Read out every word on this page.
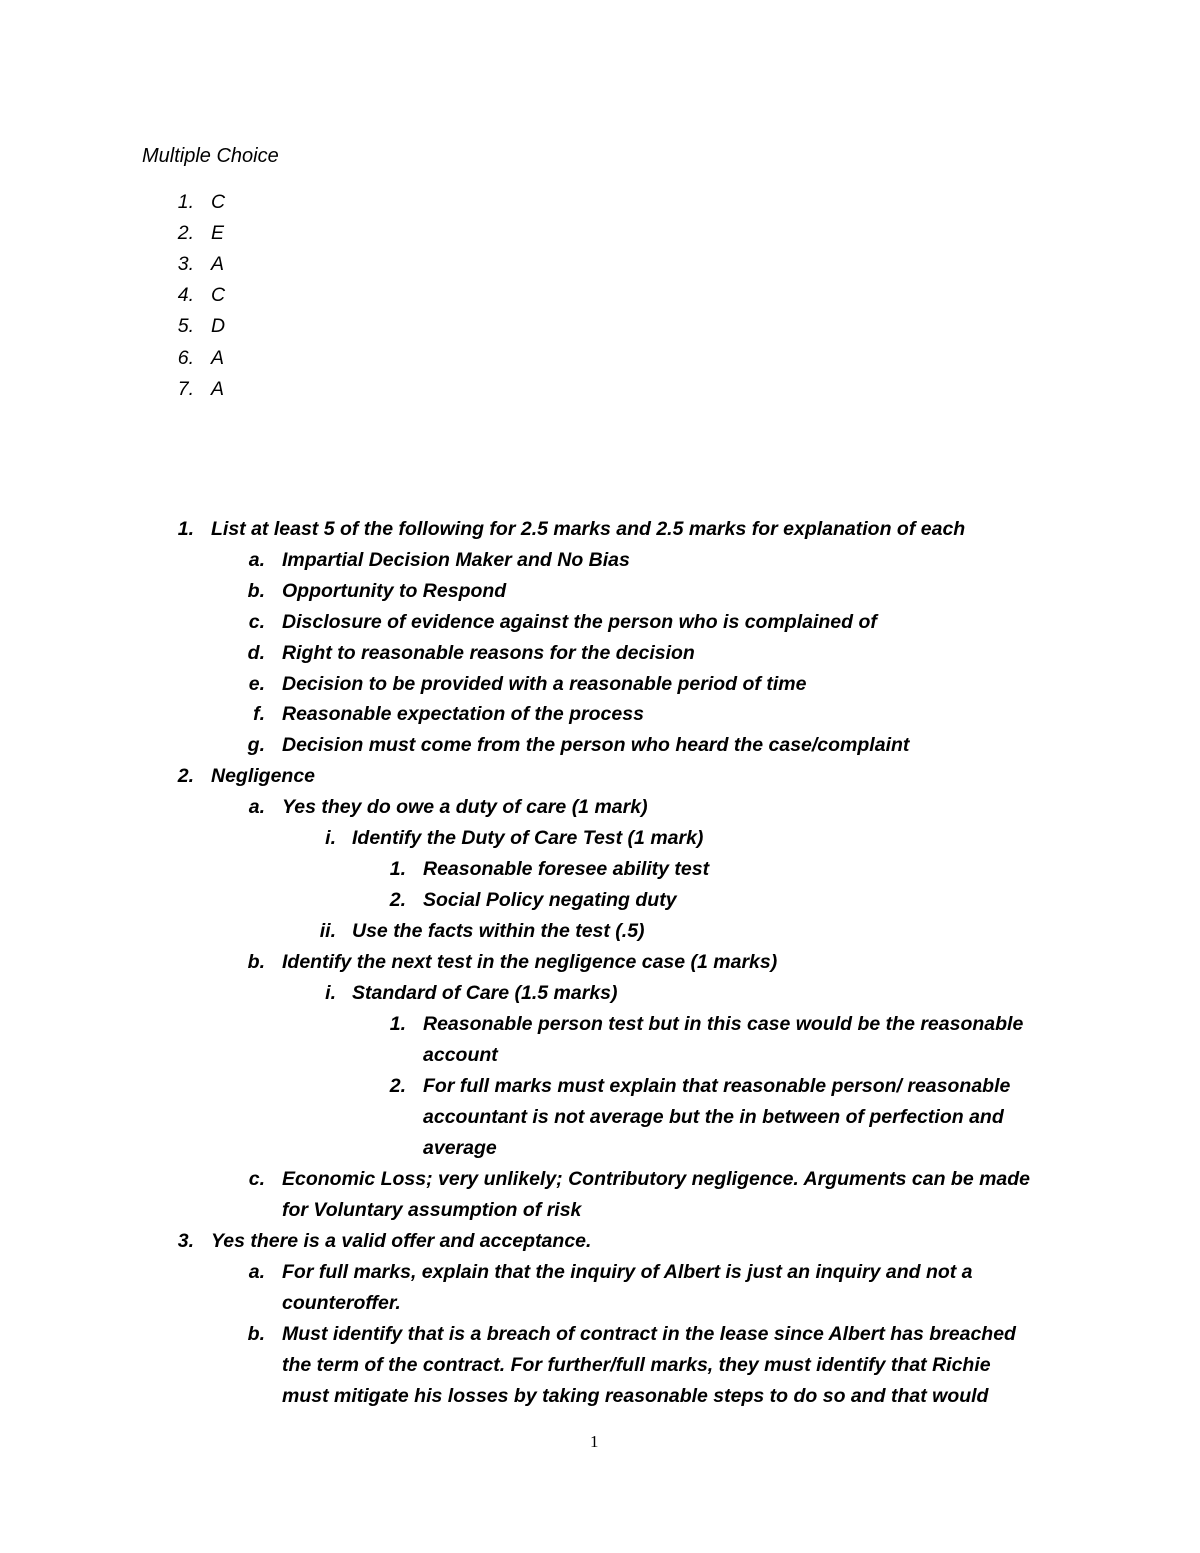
Multiple Choice
1. C
2. E
3. A
4. C
5. D
6. A
7. A
1. List at least 5 of the following for 2.5 marks and 2.5 marks for explanation of each
a. Impartial Decision Maker and No Bias
b. Opportunity to Respond
c. Disclosure of evidence against the person who is complained of
d. Right to reasonable reasons for the decision
e. Decision to be provided with a reasonable period of time
f. Reasonable expectation of the process
g. Decision must come from the person who heard the case/complaint
2. Negligence
a. Yes they do owe a duty of care (1 mark)
i. Identify the Duty of Care Test (1 mark)
1. Reasonable foresee ability test
2. Social Policy negating duty
ii. Use the facts within the test (.5)
b. Identify the next test in the negligence case (1 marks)
i. Standard of Care (1.5 marks)
1. Reasonable person test but in this case would be the reasonable
account
2. For full marks must explain that reasonable person/ reasonable
accountant is not average but the in between of perfection and
average
c. Economic Loss; very unlikely; Contributory negligence. Arguments can be made
for Voluntary assumption of risk
3. Yes there is a valid offer and acceptance.
a. For full marks, explain that the inquiry of Albert is just an inquiry and not a
counteroffer.
b. Must identify that is a breach of contract in the lease since Albert has breached
the term of the contract. For further/full marks, they must identify that Richie
must mitigate his losses by taking reasonable steps to do so and that would
1
